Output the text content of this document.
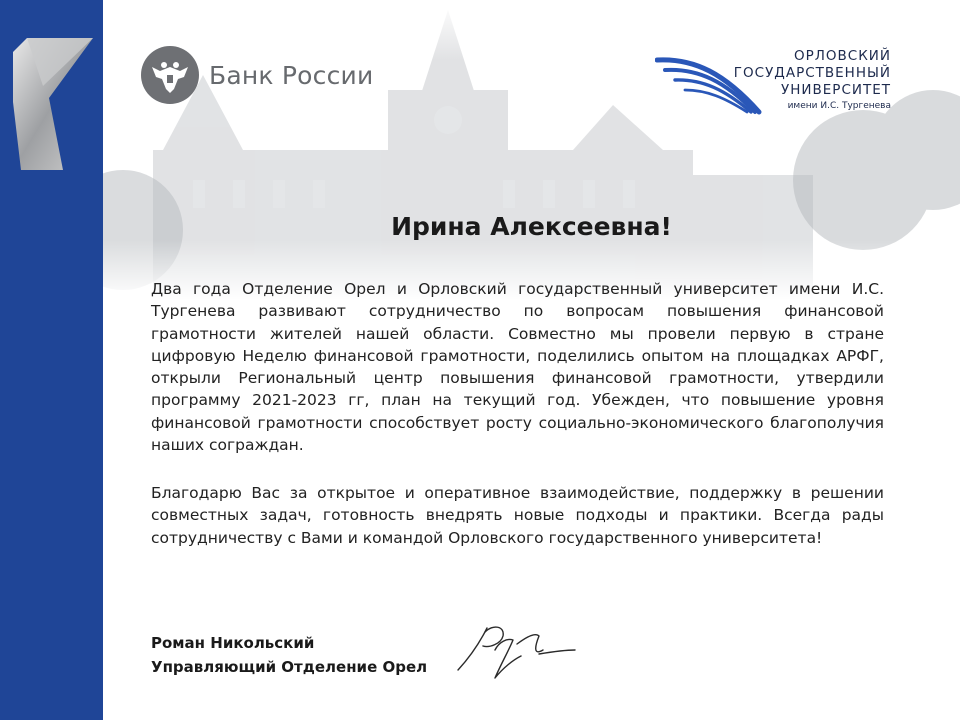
Банк России
ОРЛОВСКИЙ
ГОСУДАРСТВЕННЫЙ
УНИВЕРСИТЕТ
имени И.С. Тургенева
Ирина Алексеевна!

Два года Отделение Орел и Орловский государственный университет имени И.С. Тургенева развивают сотрудничество по вопросам повышения финансовой грамотности жителей нашей области. Совместно мы провели первую в стране цифровую Неделю финансовой грамотности, поделились опытом на площадках АРФГ, открыли Региональный центр повышения финансовой грамотности, утвердили программу 2021-2023 гг, план на текущий год. Убежден, что повышение уровня финансовой грамотности способствует росту социально-экономического благополучия наших сограждан.

Благодарю Вас за открытое и оперативное взаимодействие, поддержку в решении совместных задач, готовность внедрять новые подходы и практики. Всегда рады сотрудничеству с Вами и командой Орловского государственного университета!

Роман Никольский
Управляющий Отделение Орел
